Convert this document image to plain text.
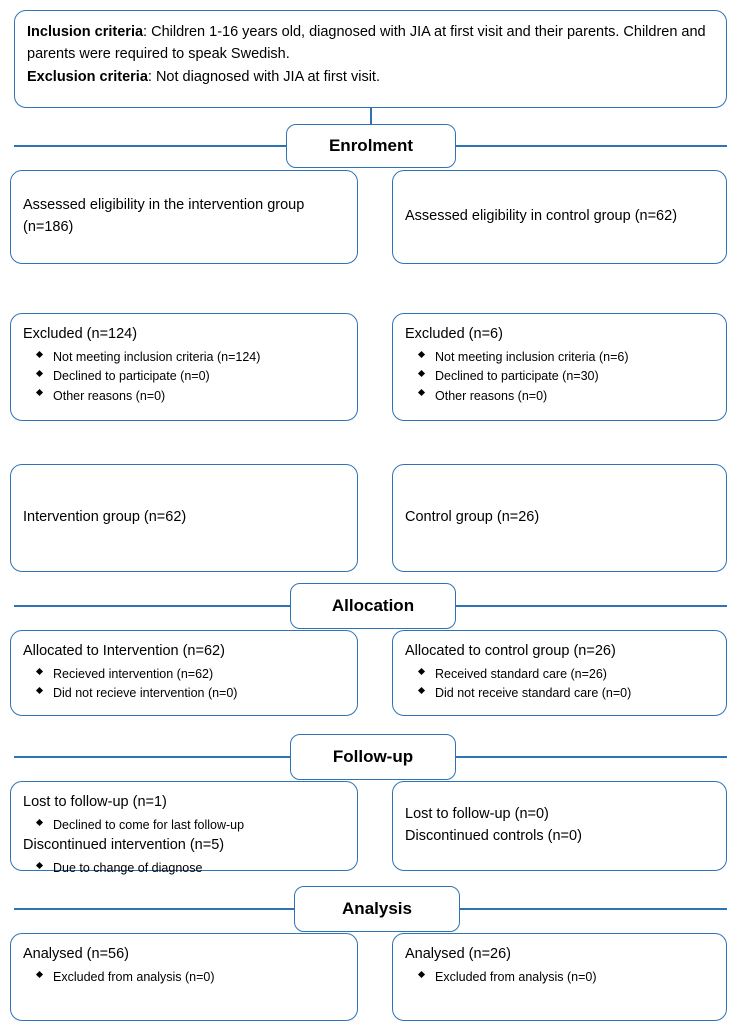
Inclusion criteria: Children 1-16 years old, diagnosed with JIA at first visit and their parents. Children and parents were required to speak Swedish.
Exclusion criteria: Not diagnosed with JIA at first visit.
Enrolment
Assessed eligibility in the intervention group (n=186)
Assessed eligibility in control group (n=62)
Excluded (n=124)
Not meeting inclusion criteria (n=124)
Declined to participate (n=0)
Other reasons (n=0)
Excluded (n=6)
Not meeting inclusion criteria (n=6)
Declined to participate (n=30)
Other reasons (n=0)
Intervention group (n=62)	Control group (n=26)
Allocation
Allocated to Intervention (n=62)
Recieved intervention (n=62)
Did not recieve intervention (n=0)
Allocated to control group (n=26)
Received standard care (n=26)
Did not receive standard care (n=0)
Follow-up
Lost to follow-up (n=1)
Declined to come for last follow-up
Discontinued intervention (n=5)
Due to change of diagnose
Lost to follow-up (n=0)
Discontinued controls (n=0)
Analysis
Analysed (n=56)
Excluded from analysis (n=0)
Analysed (n=26)
Excluded from analysis (n=0)
